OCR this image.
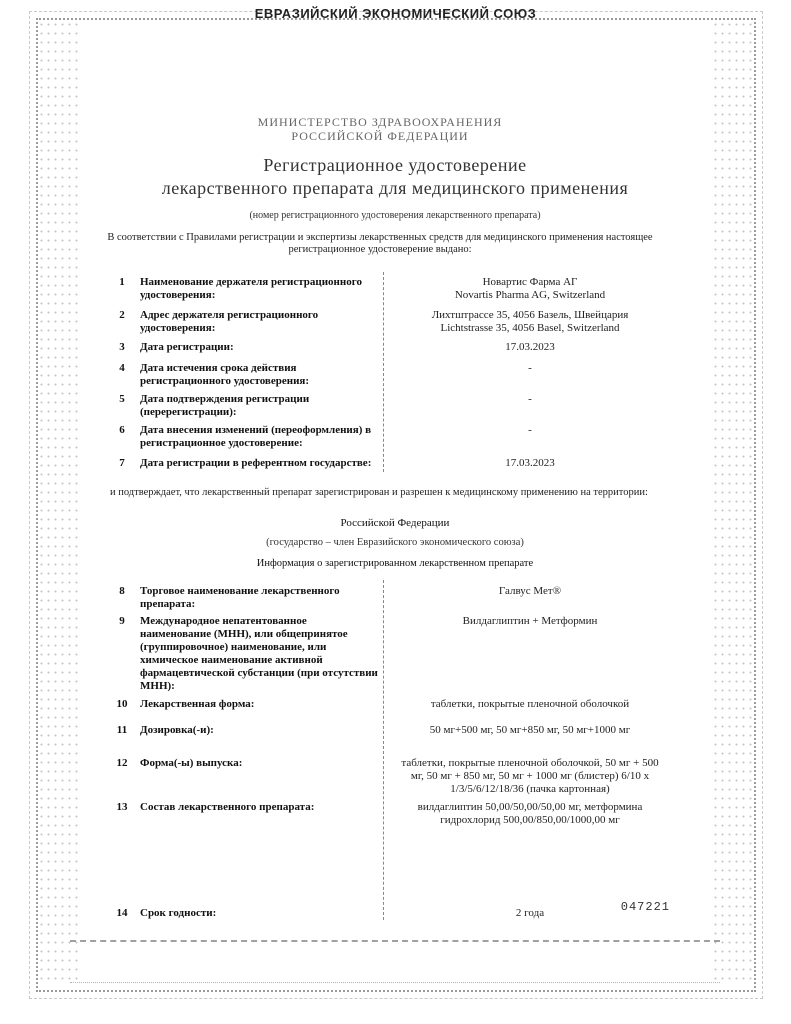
ЕВРАЗИЙСКИЙ ЭКОНОМИЧЕСКИЙ СОЮЗ
МИНИСТЕРСТВО ЗДРАВООХРАНЕНИЯ
РОССИЙСКОЙ ФЕДЕРАЦИИ
Регистрационное удостоверение
лекарственного препарата для медицинского применения
(номер регистрационного удостоверения лекарственного препарата)
В соответствии с Правилами регистрации и экспертизы лекарственных средств для медицинского применения настоящее регистрационное удостоверение выдано:
1	Наименование держателя регистрационного удостоверения:
Новартис Фарма АГ
Novartis Pharma AG, Switzerland
2	Адрес держателя регистрационного удостоверения:
Лихтштрассе 35, 4056 Базель, Швейцария
Lichtstrasse 35, 4056 Basel, Switzerland
3	Дата регистрации:	17.03.2023
4	Дата истечения срока действия регистрационного удостоверения:
-
5	Дата подтверждения регистрации (перерегистрации):
-
6	Дата внесения изменений (переоформления) в регистрационное удостоверение:
-
7	Дата регистрации в референтном государстве:	17.03.2023
и подтверждает, что лекарственный препарат зарегистрирован и разрешен к медицинскому применению на территории:
Российской Федерации
(государство – член Евразийского экономического союза)
Информация о зарегистрированном лекарственном препарате
8	Торговое наименование лекарственного препарата:
Галвус Мет®
9	Международное непатентованное наименование (МНН), или общепринятое (группировочное) наименование, или химическое наименование активной фармацевтической субстанции (при отсутствии МНН):
Вилдаглиптин + Метформин
10	Лекарственная форма:	таблетки, покрытые пленочной оболочкой
11	Дозировка(-и):	50 мг+500 мг, 50 мг+850 мг, 50 мг+1000 мг
12	Форма(-ы) выпуска:	таблетки, покрытые пленочной оболочкой, 50 мг + 500 мг, 50 мг + 850 мг, 50 мг + 1000 мг (блистер) 6/10 x 1/3/5/6/12/18/36 (пачка картонная)
13	Состав лекарственного препарата:	вилдаглиптин 50,00/50,00/50,00 мг, метформина гидрохлорид 500,00/850,00/1000,00 мг
14	Срок годности:	2 года	047221
